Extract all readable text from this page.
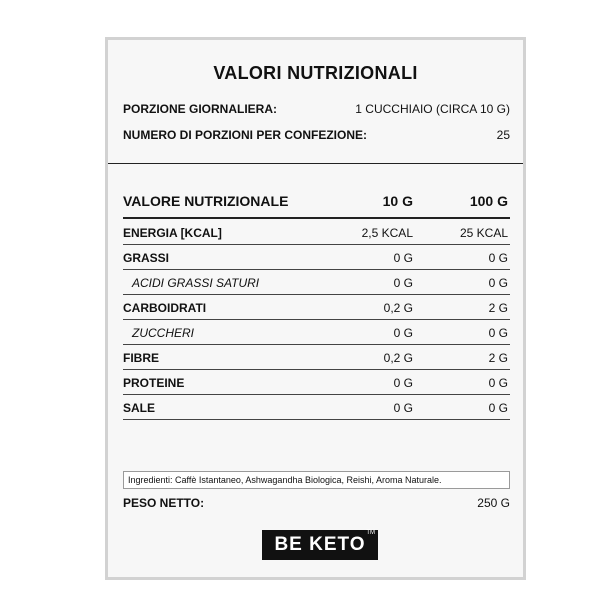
VALORI NUTRIZIONALI
PORZIONE GIORNALIERA:	1 CUCCHIAIO (CIRCA 10 G)
NUMERO DI PORZIONI PER CONFEZIONE:	25
VALORE NUTRIZIONALE	10 G	100 G
ENERGIA [KCAL]	2,5 KCAL	25 KCAL
GRASSI	0 G	0 G
ACIDI GRASSI SATURI	0 G	0 G
CARBOIDRATI	0,2 G	2 G
ZUCCHERI	0 G	0 G
FIBRE	0,2 G	2 G
PROTEINE	0 G	0 G
SALE	0 G	0 G
Ingredienti: Caffè Istantaneo, Ashwagandha Biologica, Reishi, Aroma Naturale.
PESO NETTO:	250 G
BE KETO
TM
